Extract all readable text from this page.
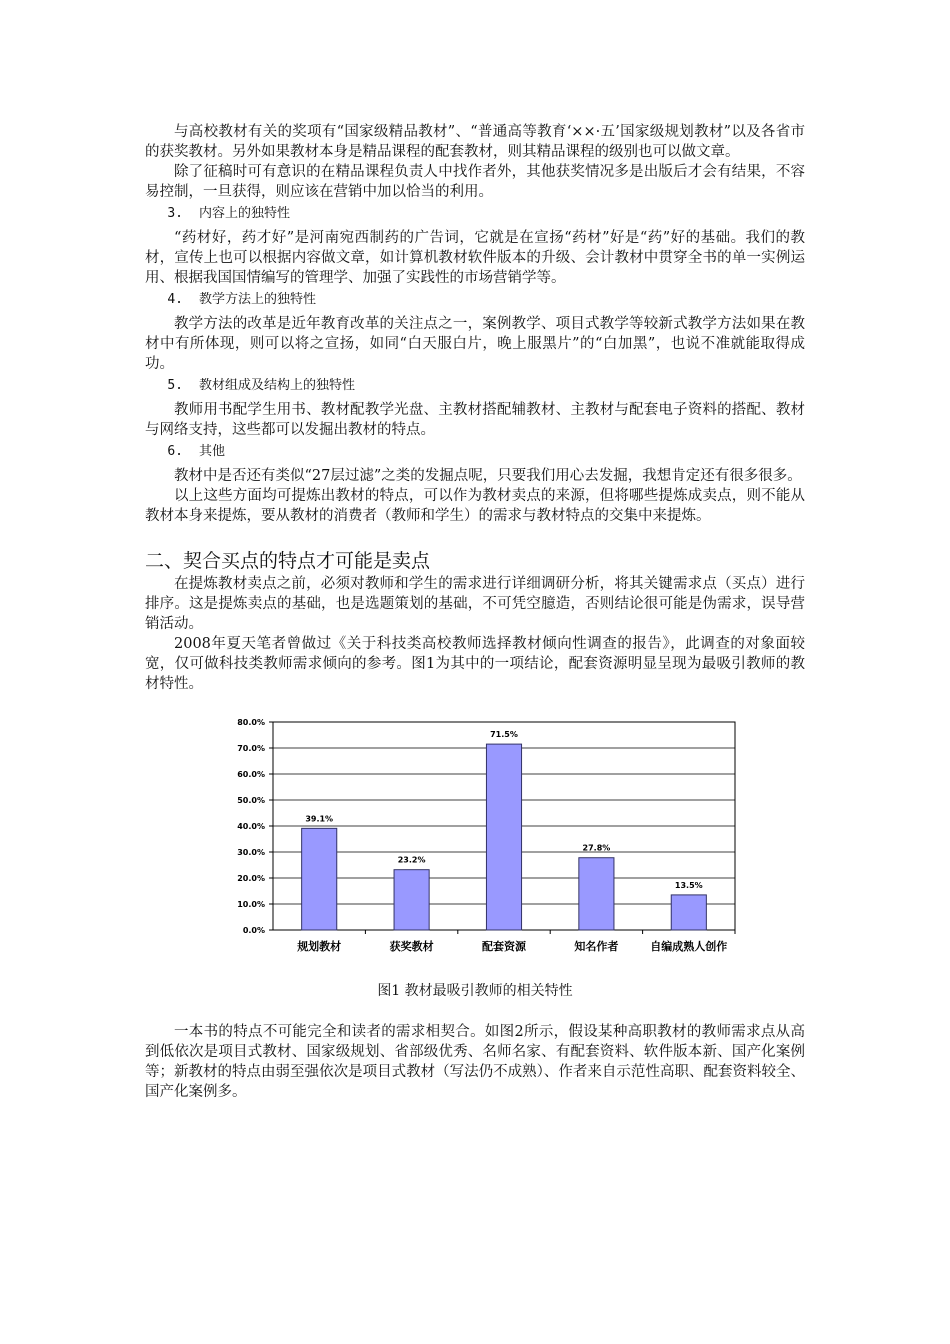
与高校教材有关的奖项有“国家级精品教材”、“普通高等教育‘××·五’国家级规划教材”以及各省市的获奖教材。另外如果教材本身是精品课程的配套教材，则其精品课程的级别也可以做文章。

除了征稿时可有意识的在精品课程负责人中找作者外，其他获奖情况多是出版后才会有结果，不容易控制，一旦获得，则应该在营销中加以恰当的利用。

3. 内容上的独特性

“药材好，药才好”是河南宛西制药的广告词，它就是在宣扬“药材”好是“药”好的基础。我们的教材，宣传上也可以根据内容做文章，如计算机教材软件版本的升级、会计教材中贯穿全书的单一实例运用、根据我国国情编写的管理学、加强了实践性的市场营销学等。

4. 教学方法上的独特性

教学方法的改革是近年教育改革的关注点之一，案例教学、项目式教学等较新式教学方法如果在教材中有所体现，则可以将之宣扬，如同“白天服白片，晚上服黑片”的“白加黑”，也说不准就能取得成功。

5. 教材组成及结构上的独特性

教师用书配学生用书、教材配教学光盘、主教材搭配辅教材、主教材与配套电子资料的搭配、教材与网络支持，这些都可以发掘出教材的特点。

6. 其他

教材中是否还有类似“27层过滤”之类的发掘点呢，只要我们用心去发掘，我想肯定还有很多很多。

以上这些方面均可提炼出教材的特点，可以作为教材卖点的来源，但将哪些提炼成卖点，则不能从教材本身来提炼，要从教材的消费者（教师和学生）的需求与教材特点的交集中来提炼。

二、契合买点的特点才可能是卖点

在提炼教材卖点之前，必须对教师和学生的需求进行详细调研分析，将其关键需求点（买点）进行排序。这是提炼卖点的基础，也是选题策划的基础，不可凭空臆造，否则结论很可能是伪需求，误导营销活动。

2008年夏天笔者曾做过《关于科技类高校教师选择教材倾向性调查的报告》，此调查的对象面较宽，仅可做科技类教师需求倾向的参考。图1为其中的一项结论，配套资源明显呈现为最吸引教师的教材特性。

0.0%
10.0%
20.0%
30.0%
40.0%
50.0%
60.0%
70.0%
80.0%
39.1%
规划教材
23.2%
获奖教材
71.5%
配套资源
27.8%
知名作者
13.5%
自编成熟人创作
图1 教材最吸引教师的相关特性

一本书的特点不可能完全和读者的需求相契合。如图2所示，假设某种高职教材的教师需求点从高到低依次是项目式教材、国家级规划、省部级优秀、名师名家、有配套资料、软件版本新、国产化案例等；新教材的特点由弱至强依次是项目式教材（写法仍不成熟）、作者来自示范性高职、配套资料较全、国产化案例多。
